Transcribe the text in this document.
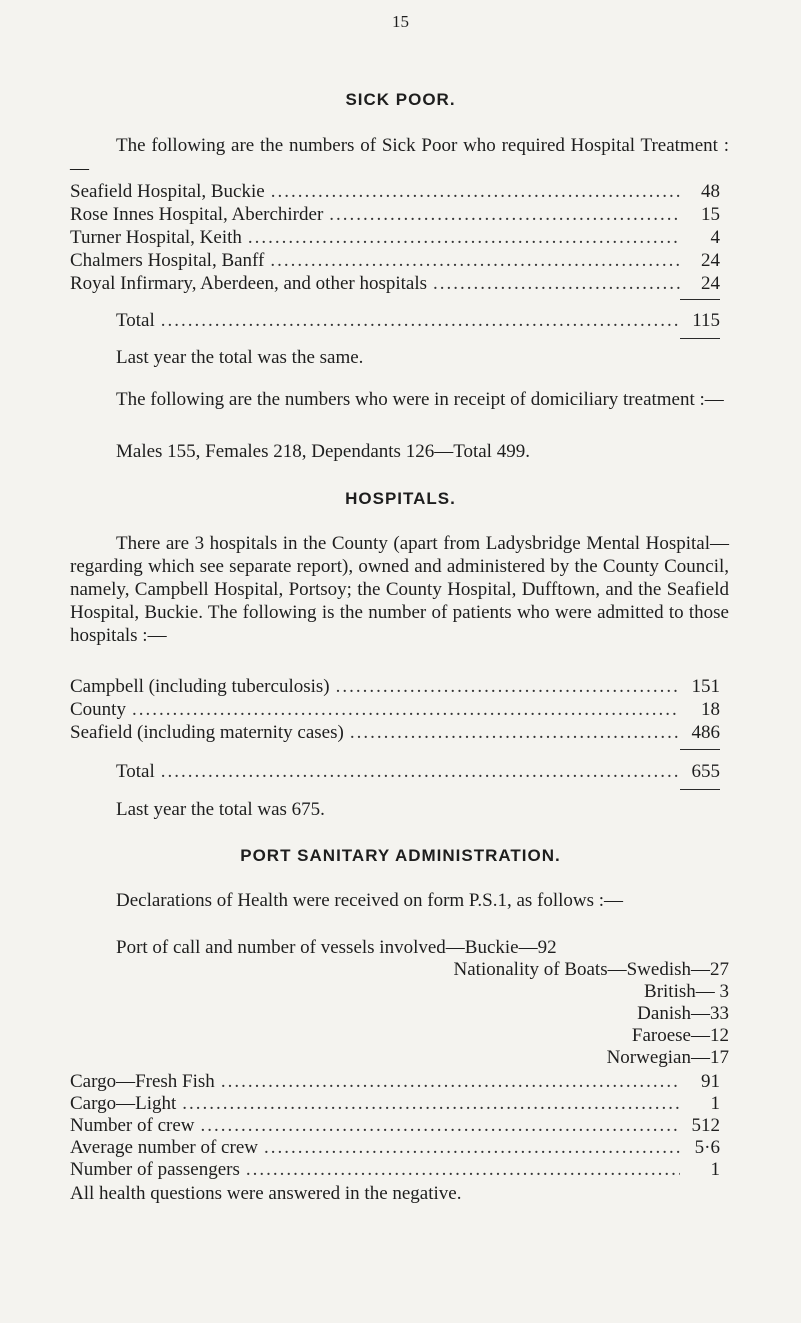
15
SICK POOR.

The following are the numbers of Sick Poor who required Hospital Treatment :—

Seafield Hospital, Buckie .....	48
Rose Innes Hospital, Aberchirder .....	15
Turner Hospital, Keith .....	4
Chalmers Hospital, Banff .....	24
Royal Infirmary, Aberdeen, and other hospitals .....	24
Total .....	115
Last year the total was the same.

The following are the numbers who were in receipt of domiciliary treatment :—

Males 155, Females 218, Dependants 126—Total 499.
HOSPITALS.

There are 3 hospitals in the County (apart from Ladysbridge Mental Hospital—regarding which see separate report), owned and administered by the County Council, namely, Campbell Hospital, Portsoy; the County Hospital, Dufftown, and the Seafield Hospital, Buckie. The following is the number of patients who were admitted to those hospitals :—

Campbell (including tuberculosis) .....	151
County .....	18
Seafield (including maternity cases) .....	486
Total .....	655
Last year the total was 675.
PORT SANITARY ADMINISTRATION.

Declarations of Health were received on form P.S.1, as follows :—

Port of call and number of vessels involved—Buckie—92
Nationality of Boats—Swedish—27
British— 3
Danish—33
Faroese—12
Norwegian—17
Cargo—Fresh Fish .....	91
Cargo—Light .....	1
Number of crew .....	512
Average number of crew .....	5·6
Number of passengers .....	1
All health questions were answered in the negative.
